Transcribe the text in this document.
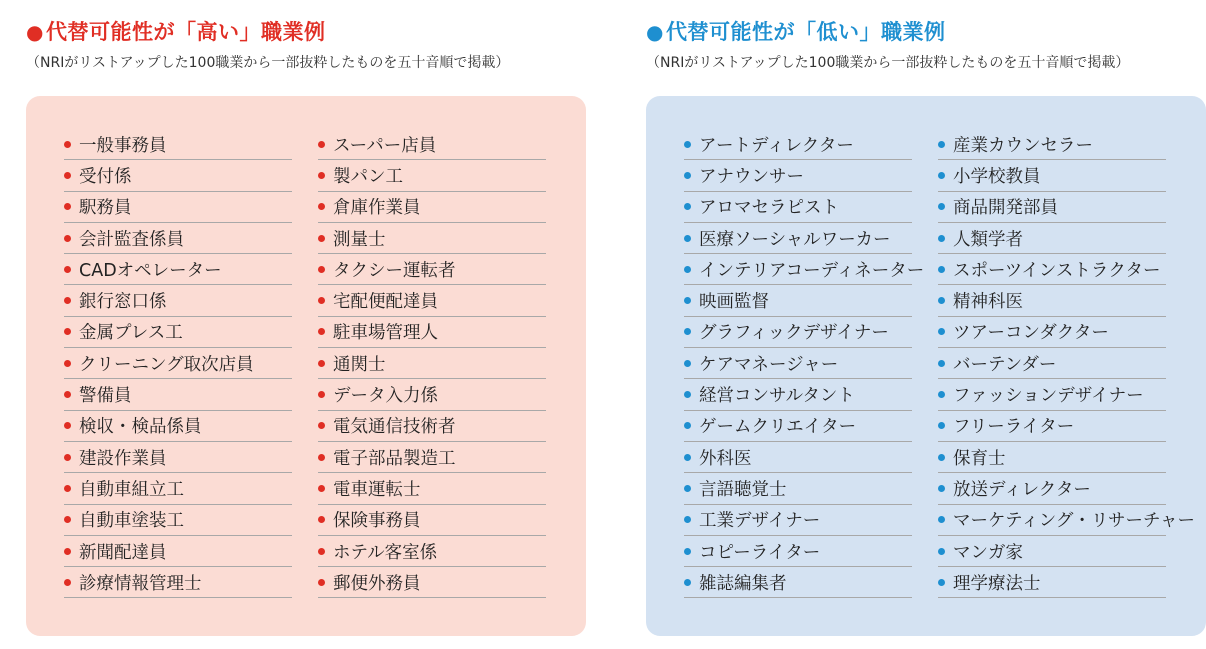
●代替可能性が「高い」職業例
（NRIがリストアップした100職業から一部抜粋したものを五十音順で掲載）
一般事務員
受付係
駅務員
会計監査係員
CADオペレーター
銀行窓口係
金属プレス工
クリーニング取次店員
警備員
検収・検品係員
建設作業員
自動車組立工
自動車塗装工
新聞配達員
診療情報管理士
スーパー店員
製パン工
倉庫作業員
測量士
タクシー運転者
宅配便配達員
駐車場管理人
通関士
データ入力係
電気通信技術者
電子部品製造工
電車運転士
保険事務員
ホテル客室係
郵便外務員
●代替可能性が「低い」職業例
（NRIがリストアップした100職業から一部抜粋したものを五十音順で掲載）
アートディレクター
アナウンサー
アロマセラピスト
医療ソーシャルワーカー
インテリアコーディネーター
映画監督
グラフィックデザイナー
ケアマネージャー
経営コンサルタント
ゲームクリエイター
外科医
言語聴覚士
工業デザイナー
コピーライター
雑誌編集者
産業カウンセラー
小学校教員
商品開発部員
人類学者
スポーツインストラクター
精神科医
ツアーコンダクター
バーテンダー
ファッションデザイナー
フリーライター
保育士
放送ディレクター
マーケティング・リサーチャー
マンガ家
理学療法士
